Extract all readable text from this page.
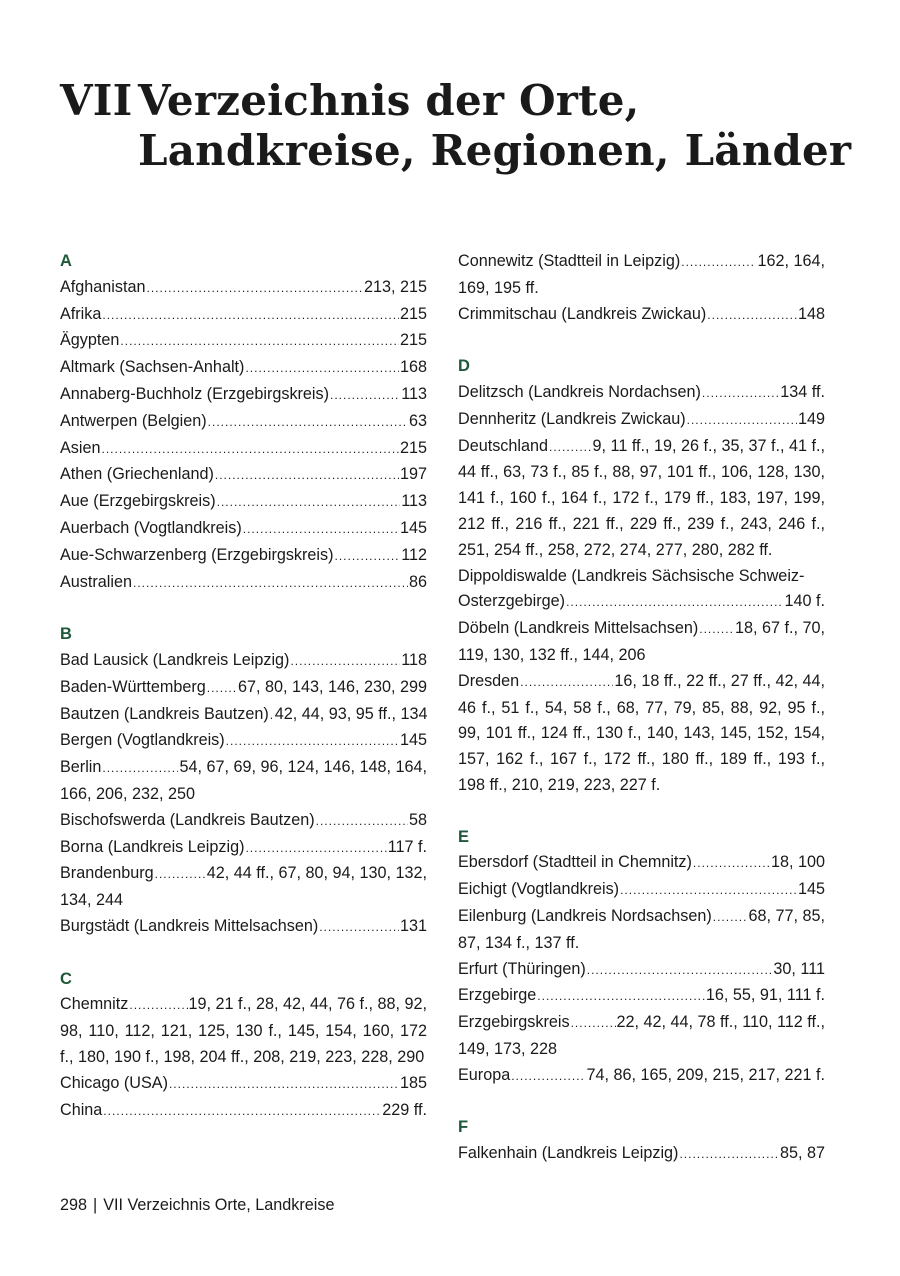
VII Verzeichnis der Orte, Landkreise, Regionen, Länder
A
Afghanistan .....	213, 215
Afrika .....	215
Ägypten .....	215
Altmark (Sachsen-Anhalt) .....	168
Annaberg-Buchholz (Erzgebirgskreis) .....	113
Antwerpen (Belgien) .....	63
Asien .....	215
Athen (Griechenland) .....	197
Aue (Erzgebirgskreis) .....	113
Auerbach (Vogtlandkreis) .....	145
Aue-Schwarzenberg (Erzgebirgskreis) .....	112
Australien .....	86
B
Bad Lausick (Landkreis Leipzig) .....	118
Baden-Württemberg ..... 67, 80, 143, 146, 230, 299
Bautzen (Landkreis Bautzen) ..... 42, 44, 93, 95 ff., 134
Bergen (Vogtlandkreis) .....	145
Berlin .....	54, 67, 69, 96, 124, 146, 148, 164,
166, 206, 232, 250
Bischofswerda (Landkreis Bautzen) .....	58
Borna (Landkreis Leipzig) .....	117 f.
Brandenburg .....	42, 44 ff., 67, 80, 94, 130, 132,
134, 244
Burgstädt (Landkreis Mittelsachsen) .....	131
C
Chemnitz .....	19, 21 f., 28, 42, 44, 76 f., 88, 92,
98, 110, 112, 121, 125, 130 f., 145, 154, 160, 172 f., 180, 190 f., 198, 204 ff., 208, 219, 223, 228, 290
Chicago (USA) .....	185
China .....	229 ff.
Connewitz (Stadtteil in Leipzig) .....	162, 164,
169, 195 ff.
Crimmitschau (Landkreis Zwickau) .....	148
D
Delitzsch (Landkreis Nordachsen) .....	134 ff.
Dennheritz (Landkreis Zwickau) .....	149
Deutschland .....	9, 11 ff., 19, 26 f., 35, 37 f., 41 f.,
44 ff., 63, 73 f., 85 f., 88, 97, 101 ff., 106, 128, 130, 141 f., 160 f., 164 f., 172 f., 179 ff., 183, 197, 199, 212 ff., 216 ff., 221 ff., 229 ff., 239 f., 243, 246 f., 251, 254 ff., 258, 272, 274, 277, 280, 282 ff.
Dippoldiswalde (Landkreis Sächsische Schweiz-
Osterzgebirge) .....	140 f.
Döbeln (Landkreis Mittelsachsen) ..... 18, 67 f., 70,
119, 130, 132 ff., 144, 206
Dresden .....	16, 18 ff., 22 ff., 27 ff., 42, 44,
46 f., 51 f., 54, 58 f., 68, 77, 79, 85, 88, 92, 95 f., 99, 101 ff., 124 ff., 130 f., 140, 143, 145, 152, 154, 157, 162 f., 167 f., 172 ff., 180 ff., 189 ff., 193 f., 198 ff., 210, 219, 223, 227 f.
E
Ebersdorf (Stadtteil in Chemnitz) .....	18, 100
Eichigt (Vogtlandkreis) .....	145
Eilenburg (Landkreis Nordsachsen) ..... 68, 77, 85,
87, 134 f., 137 ff.
Erfurt (Thüringen) .....	30, 111
Erzgebirge .....	16, 55, 91, 111 f.
Erzgebirgskreis .....	22, 42, 44, 78 ff., 110, 112 ff.,
149, 173, 228
Europa .....	74, 86, 165, 209, 215, 217, 221 f.
F
Falkenhain (Landkreis Leipzig) .....	85, 87
298 | VII Verzeichnis Orte, Landkreise
